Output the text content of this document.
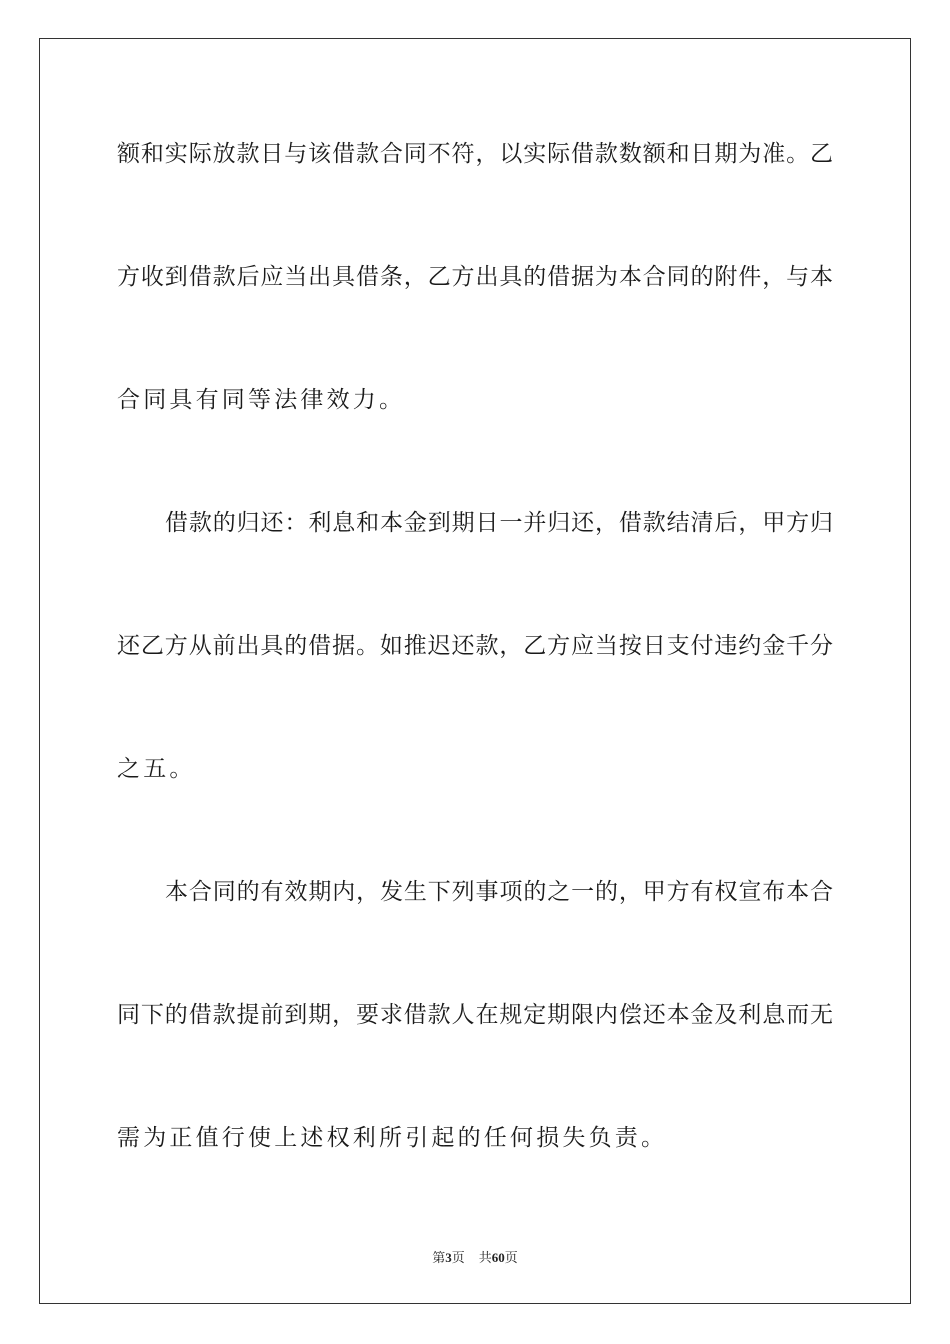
额和实际放款日与该借款合同不符，以实际借款数额和日期为准。乙
方收到借款后应当出具借条，乙方出具的借据为本合同的附件，与本
合同具有同等法律效力。
借款的归还：利息和本金到期日一并归还，借款结清后，甲方归
还乙方从前出具的借据。如推迟还款，乙方应当按日支付违约金千分
之五。
本合同的有效期内，发生下列事项的之一的，甲方有权宣布本合
同下的借款提前到期，要求借款人在规定期限内偿还本金及利息而无
需为正值行使上述权利所引起的任何损失负责。
第3页 共60页
